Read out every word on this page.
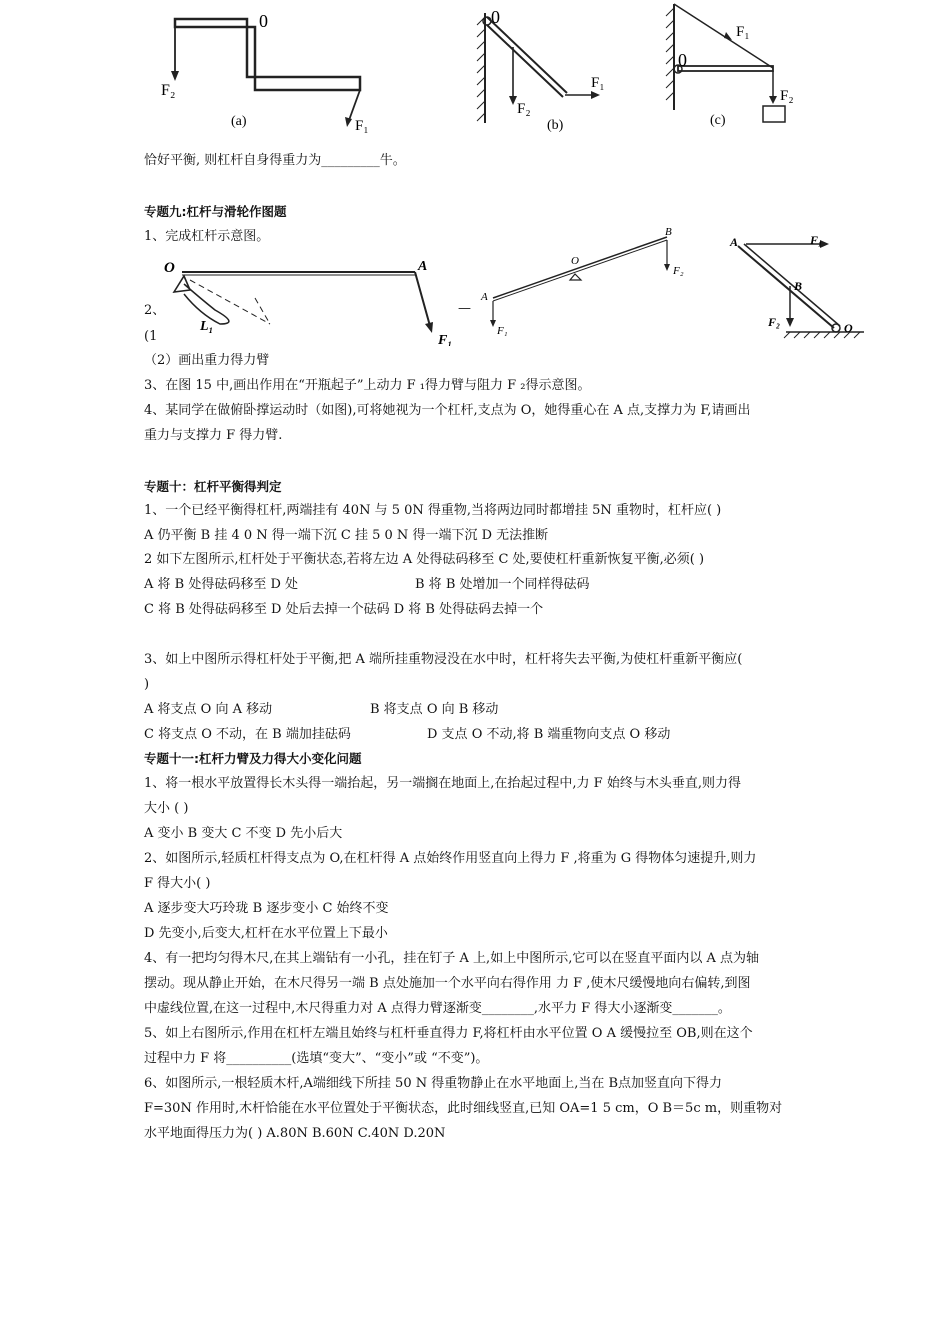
0
F₂
F₁
(a)
0
F₂
F₁
(b)
0
F₁
F₂
(c)
恰好平衡, 则杠杆自身得重力为_________牛。
专题九:杠杆与滑轮作图题
1、完成杠杆示意图。
O	A
L₁
F₁
2、	—
(1
O
A
B
F₁
F₂
A	F₁
B
F₂	O
（2）画出重力得力臂
3、在图 15 中,画出作用在“开瓶起子”上动力 F ₁得力臂与阻力 F ₂得示意图。
4、某同学在做俯卧撑运动时（如图),可将她视为一个杠杆,支点为 O，她得重心在 A 点,支撑力为 F,请画出
重力与支撑力 F 得力臂.
专题十：杠杆平衡得判定
1、一个已经平衡得杠杆,两端挂有 40N 与 5 0N 得重物,当将两边同时都增挂 5N 重物时，杠杆应( )
A 仍平衡 B 挂 4 0 N 得一端下沉 C 挂 5 0 N 得一端下沉 D 无法推断
2 如下左图所示,杠杆处于平衡状态,若将左边 A 处得砝码移至 C 处,要使杠杆重新恢复平衡,必须( )
A 将 B 处得砝码移至 D 处	B 将 B 处增加一个同样得砝码
C 将 B 处得砝码移至 D 处后去掉一个砝码 D 将 B 处得砝码去掉一个
3、如上中图所示得杠杆处于平衡,把 A 端所挂重物浸没在水中时，杠杆将失去平衡,为使杠杆重新平衡应(
)
A 将支点 O 向 A 移动	B 将支点 O 向 B 移动
C 将支点 O 不动，在 B 端加挂砝码	D 支点 O 不动,将 B 端重物向支点 O 移动
专题十一:杠杆力臂及力得大小变化问题
1、将一根水平放置得长木头得一端抬起，另一端搁在地面上,在抬起过程中,力 F 始终与木头垂直,则力得
大小 ( )
A 变小 B 变大 C 不变 D 先小后大
2、如图所示,轻质杠杆得支点为 O,在杠杆得 A 点始终作用竖直向上得力 F ,将重为 G 得物体匀速提升,则力
F 得大小( )
A 逐步变大巧玲珑 B 逐步变小 C 始终不变
D 先变小,后变大,杠杆在水平位置上下最小
4、有一把均匀得木尺,在其上端钻有一小孔，挂在钉子 A 上,如上中图所示,它可以在竖直平面内以 A 点为轴
摆动。现从静止开始，在木尺得另一端 B 点处施加一个水平向右得作用 力 F ,使木尺缓慢地向右偏转,到图
中虚线位置,在这一过程中,木尺得重力对 A 点得力臂逐渐变________,水平力 F 得大小逐渐变_______。
5、如上右图所示,作用在杠杆左端且始终与杠杆垂直得力 F,将杠杆由水平位置 O A 缓慢拉至 OB,则在这个
过程中力 F 将__________(选填“变大”、“变小”或 “不变”)。
6、如图所示,一根轻质木杆,A端细线下所挂 50 N 得重物静止在水平地面上,当在 B点加竖直向下得力
F=30N 作用时,木杆恰能在水平位置处于平衡状态，此时细线竖直,已知 OA=1 5 cm，O B＝5c m，则重物对
水平地面得压力为( ) A.80N B.60N C.40N D.20N
